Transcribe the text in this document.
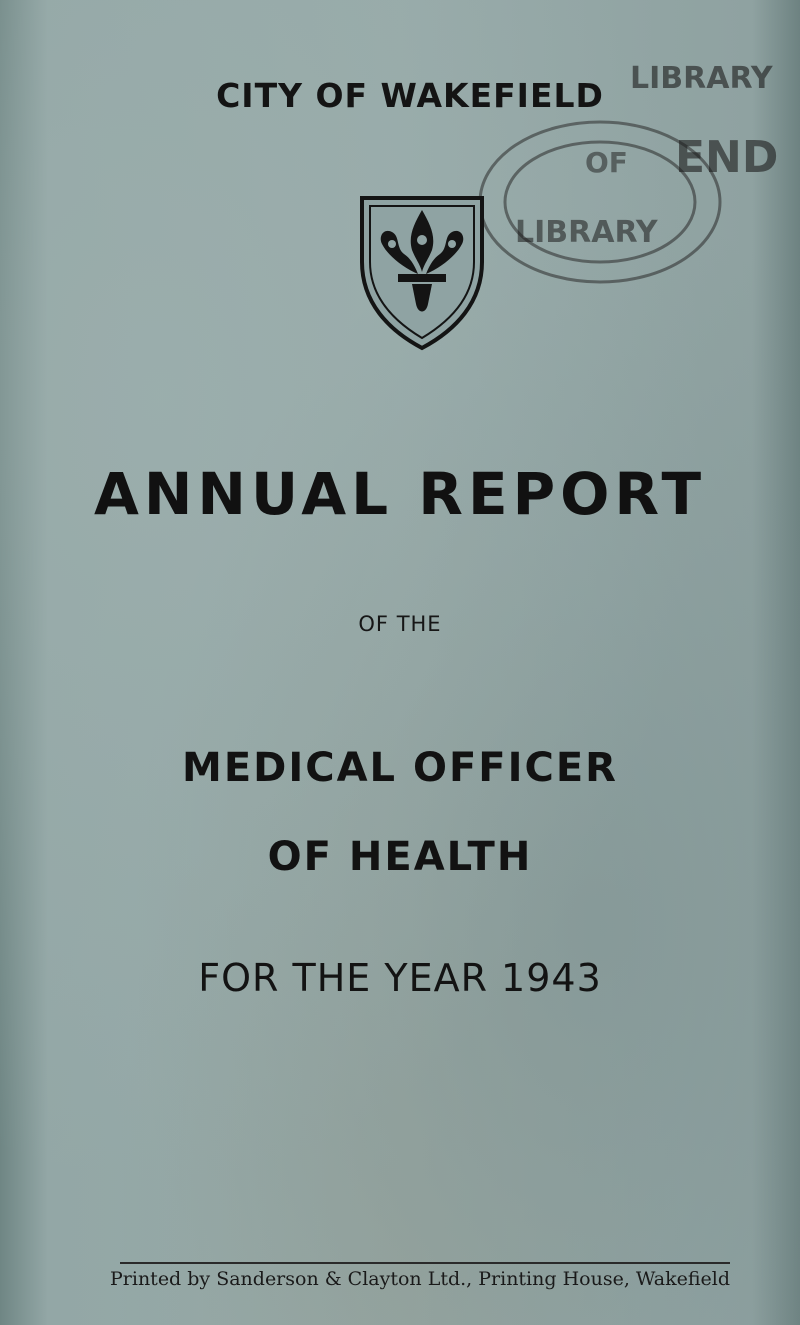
CITY OF WAKEFIELD LIBRARY
OF
LIBRARY
END
ANNUAL REPORT
OF THE
MEDICAL OFFICER
OF HEALTH
FOR THE YEAR 1943
Printed by Sanderson & Clayton Ltd., Printing House, Wakefield
